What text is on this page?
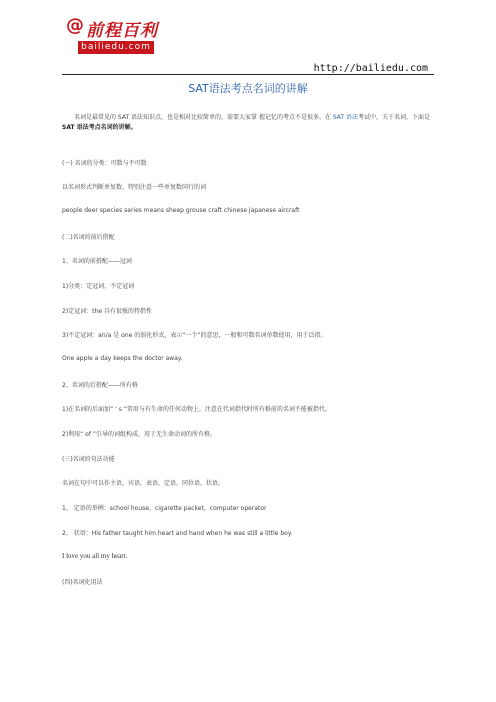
@ 前程百利
bailiedu.com
http://bailiedu.com
SAT语法考点名词的讲解
名词是最常见的 SAT 语法知识点，也是相对比较简单的，需要大家掌 握记忆的考点不是很多。在 SAT 语法考试中，关于名词，下面是 SAT 语法考点名词的讲解。
(一) 名词的分类：可数与不可数
以名词形式判断单复数，特别注意一些单复数同行的词
people deer species series means sheep grouse craft chinese japanese aircraft
(二)名词的前后搭配
1、名词的前搭配——冠词
1)分类：定冠词，不定冠词
2)定冠词：the 具有很强的特指性
3)不定冠词：an/a 是 one 的弱化形式，表示“一个”的意思，一般和可数名词单数使用，用于泛指。
One apple a day keeps the doctor away.
2、名词的后搭配——所有格
1)在名词的后面加“ ' s ”常用与有生命的任何动物上。注意在代词指代时所有格前的名词不能被指代。
2)利用“ of ”引导的词组构成，用于无生命动词的所有格。
(三)名词的句法功能
名词在句中可以作主语，宾语，表语，定语，同位语，状语。
1、 定语的举例：school house，cigarette packet，computer operator
2、 状语：His father taught him heart and hand when he was still a little boy.
I love you all my heart.
(四)名词化用法
